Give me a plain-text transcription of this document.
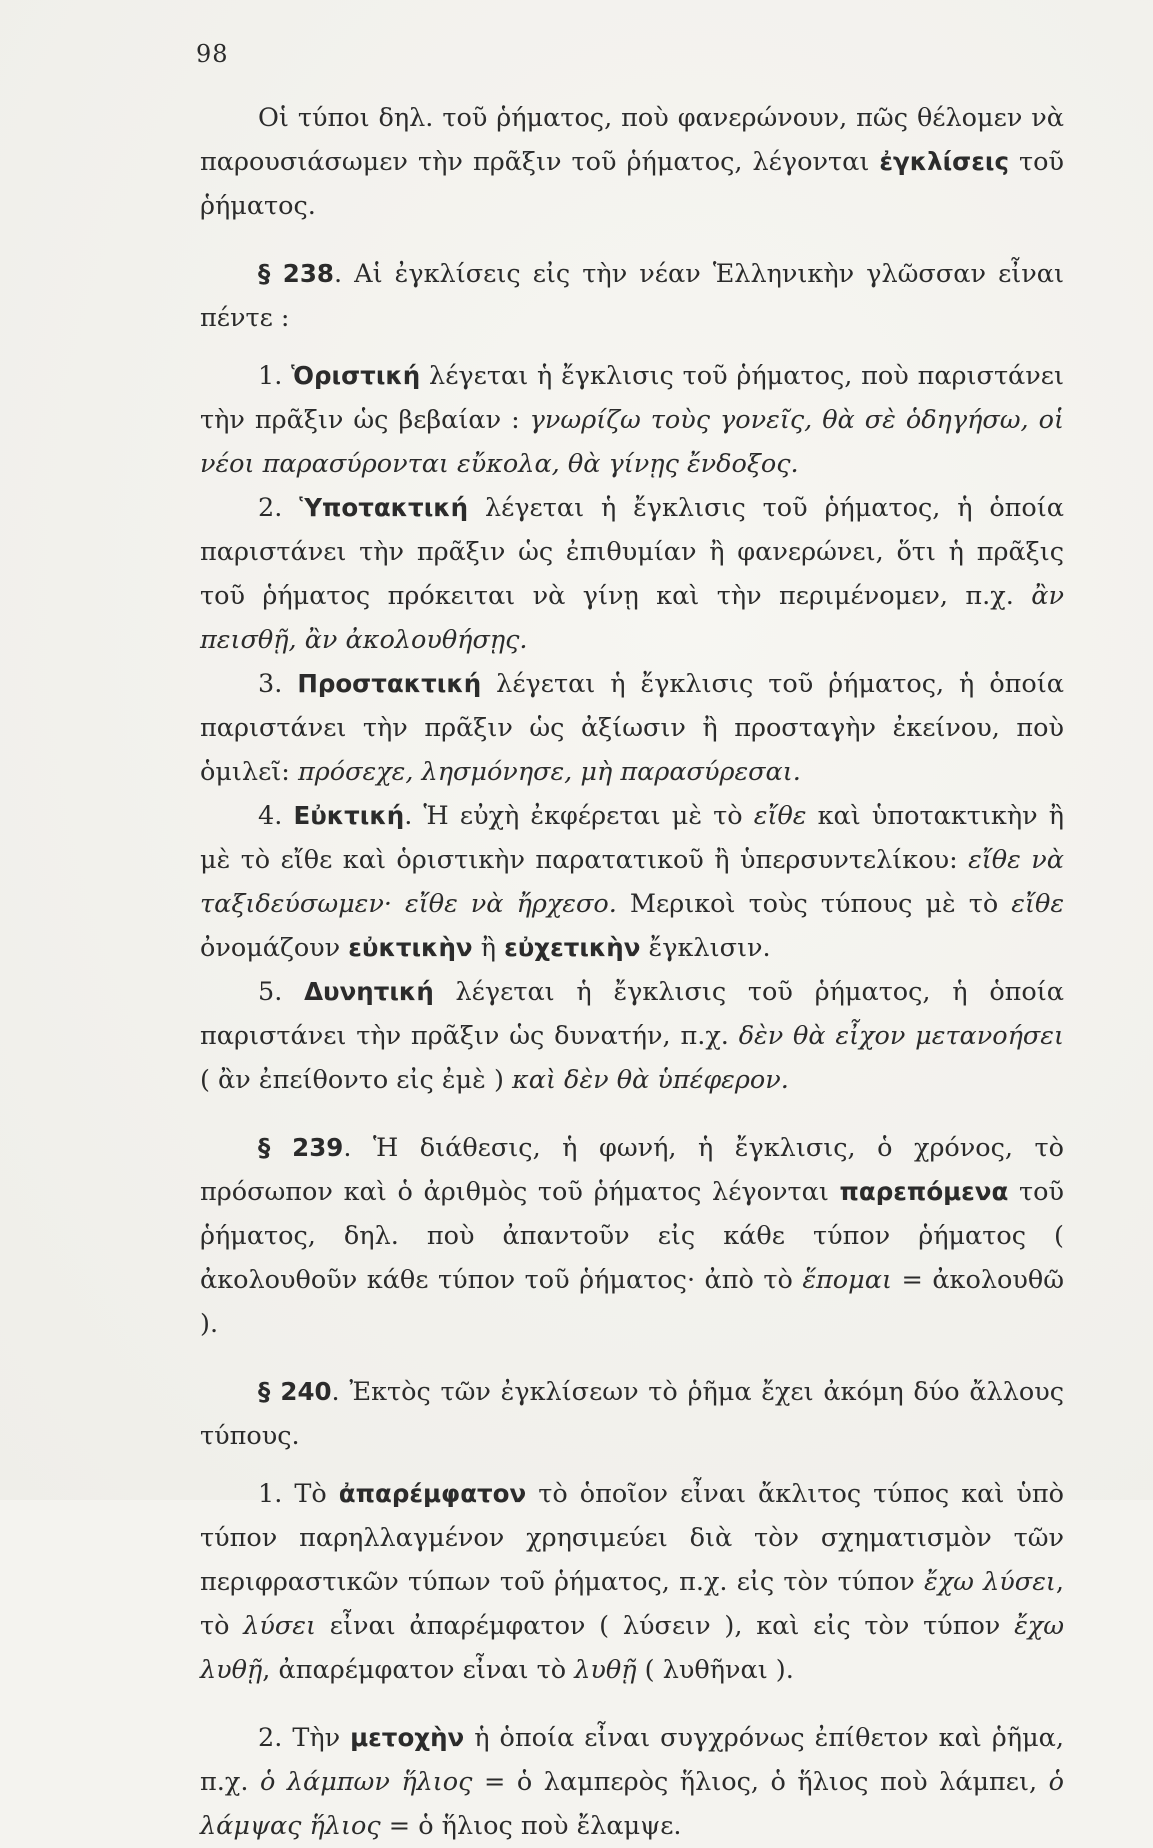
98

Οἱ τύποι δηλ. τοῦ ῥήματος, ποὺ φανερώνουν, πῶς θέλομεν νὰ παρουσιάσωμεν τὴν πρᾶξιν τοῦ ῥήματος, λέγονται ἐγκλίσεις τοῦ ῥήματος.

§ 238. Αἱ ἐγκλίσεις εἰς τὴν νέαν Ἑλληνικὴν γλῶσσαν εἶναι πέντε :

1. Ὁριστική λέγεται ἡ ἔγκλισις τοῦ ῥήματος, ποὺ παριστάνει τὴν πρᾶξιν ὡς βεβαίαν : γνωρίζω τοὺς γονεῖς, θὰ σὲ ὁδηγήσω, οἱ νέοι παρασύρονται εὔκολα, θὰ γίνῃς ἔνδοξος.

2. Ὑποτακτική λέγεται ἡ ἔγκλισις τοῦ ῥήματος, ἡ ὁποία παριστάνει τὴν πρᾶξιν ὡς ἐπιθυμίαν ἢ φανερώνει, ὅτι ἡ πρᾶξις τοῦ ῥήματος πρόκειται νὰ γίνῃ καὶ τὴν περιμένομεν, π.χ. ἂν πεισθῇ, ἂν ἀκολουθήσῃς.

3. Προστακτική λέγεται ἡ ἔγκλισις τοῦ ῥήματος, ἡ ὁποία παριστάνει τὴν πρᾶξιν ὡς ἀξίωσιν ἢ προσταγὴν ἐκείνου, ποὺ ὁμιλεῖ: πρόσεχε, λησμόνησε, μὴ παρασύρεσαι.

4. Εὐκτική. Ἡ εὐχὴ ἐκφέρεται μὲ τὸ εἴθε καὶ ὑποτακτικὴν ἢ μὲ τὸ εἴθε καὶ ὁριστικὴν παρατατικοῦ ἢ ὑπερσυντελίκου: εἴθε νὰ ταξιδεύσωμεν· εἴθε νὰ ἤρχεσο. Μερικοὶ τοὺς τύπους μὲ τὸ εἴθε ὀνομάζουν εὐκτικὴν ἢ εὐχετικὴν ἔγκλισιν.

5. Δυνητική λέγεται ἡ ἔγκλισις τοῦ ῥήματος, ἡ ὁποία παριστάνει τὴν πρᾶξιν ὡς δυνατήν, π.χ. δὲν θὰ εἶχον μετανοήσει ( ἂν ἐπείθοντο εἰς ἐμὲ ) καὶ δὲν θὰ ὑπέφερον.

§ 239. Ἡ διάθεσις, ἡ φωνή, ἡ ἔγκλισις, ὁ χρόνος, τὸ πρόσωπον καὶ ὁ ἀριθμὸς τοῦ ῥήματος λέγονται παρεπόμενα τοῦ ῥήματος, δηλ. ποὺ ἀπαντοῦν εἰς κάθε τύπον ῥήματος ( ἀκολουθοῦν κάθε τύπον τοῦ ῥήματος· ἀπὸ τὸ ἕπομαι = ἀκολουθῶ ).

§ 240. Ἐκτὸς τῶν ἐγκλίσεων τὸ ῥῆμα ἔχει ἀκόμη δύο ἄλλους τύπους.

1. Τὸ ἀπαρέμφατον τὸ ὁποῖον εἶναι ἄκλιτος τύπος καὶ ὑπὸ τύπον παρηλλαγμένον χρησιμεύει διὰ τὸν σχηματισμὸν τῶν περιφραστικῶν τύπων τοῦ ῥήματος, π.χ. εἰς τὸν τύπον ἔχω λύσει, τὸ λύσει εἶναι ἀπαρέμφατον ( λύσειν ), καὶ εἰς τὸν τύπον ἔχω λυθῇ, ἀπαρέμφατον εἶναι τὸ λυθῇ ( λυθῆναι ).

2. Τὴν μετοχὴν ἡ ὁποία εἶναι συγχρόνως ἐπίθετον καὶ ῥῆμα, π.χ. ὁ λάμπων ἥλιος = ὁ λαμπερὸς ἥλιος, ὁ ἥλιος ποὺ λάμπει, ὁ λάμψας ἥλιος = ὁ ἥλιος ποὺ ἔλαμψε.
